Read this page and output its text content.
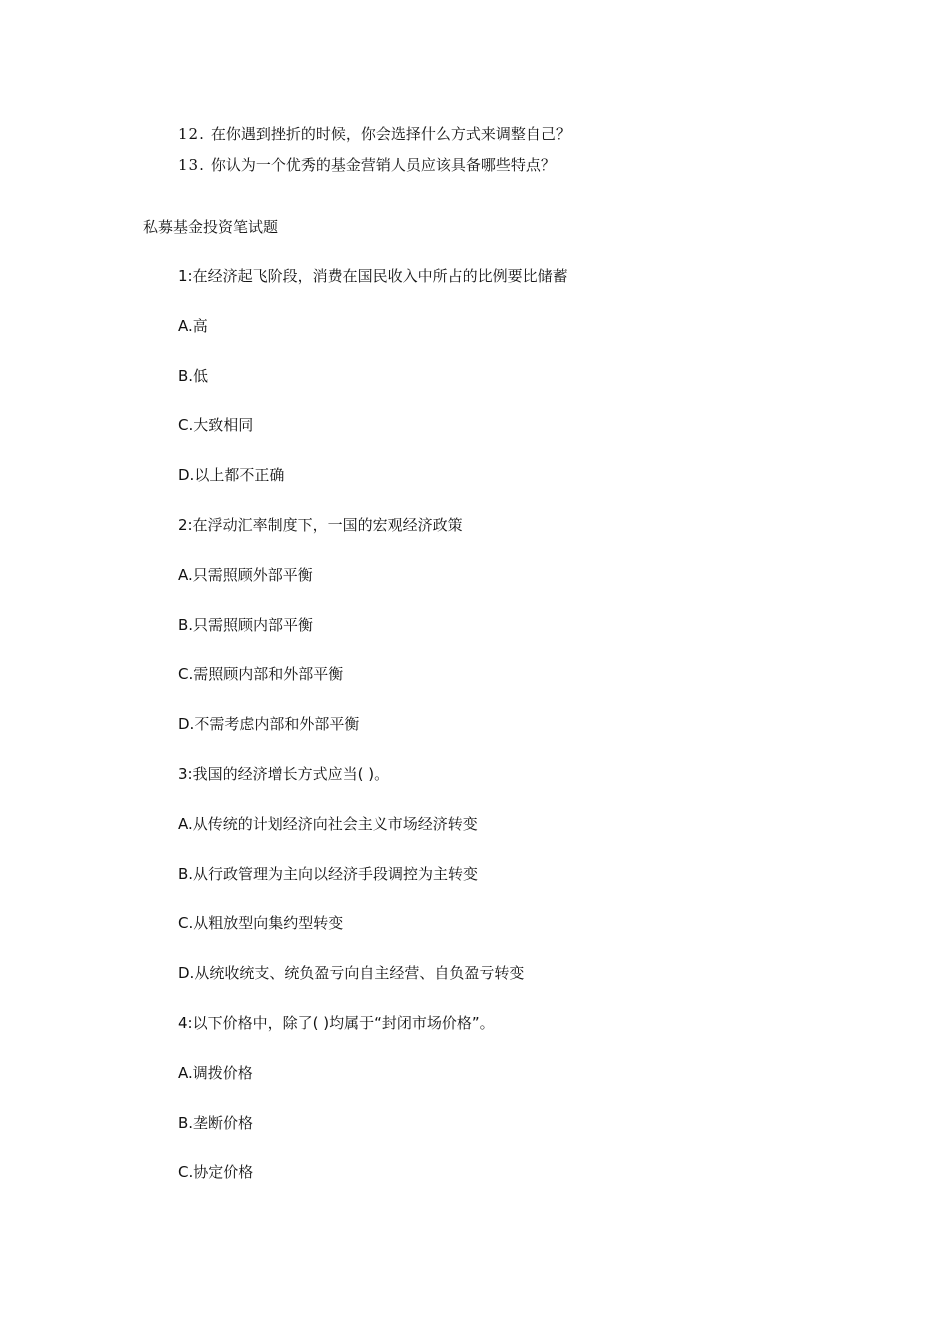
12. 在你遇到挫折的时候，你会选择什么方式来调整自己？
13. 你认为一个优秀的基金营销人员应该具备哪些特点？
私募基金投资笔试题
1:在经济起飞阶段，消费在国民收入中所占的比例要比储蓄
A.高
B.低
C.大致相同
D.以上都不正确
2:在浮动汇率制度下，一国的宏观经济政策
A.只需照顾外部平衡
B.只需照顾内部平衡
C.需照顾内部和外部平衡
D.不需考虑内部和外部平衡
3:我国的经济增长方式应当( )。
A.从传统的计划经济向社会主义市场经济转变
B.从行政管理为主向以经济手段调控为主转变
C.从粗放型向集约型转变
D.从统收统支、统负盈亏向自主经营、自负盈亏转变
4:以下价格中，除了( )均属于“封闭市场价格”。
A.调拨价格
B.垄断价格
C.协定价格
